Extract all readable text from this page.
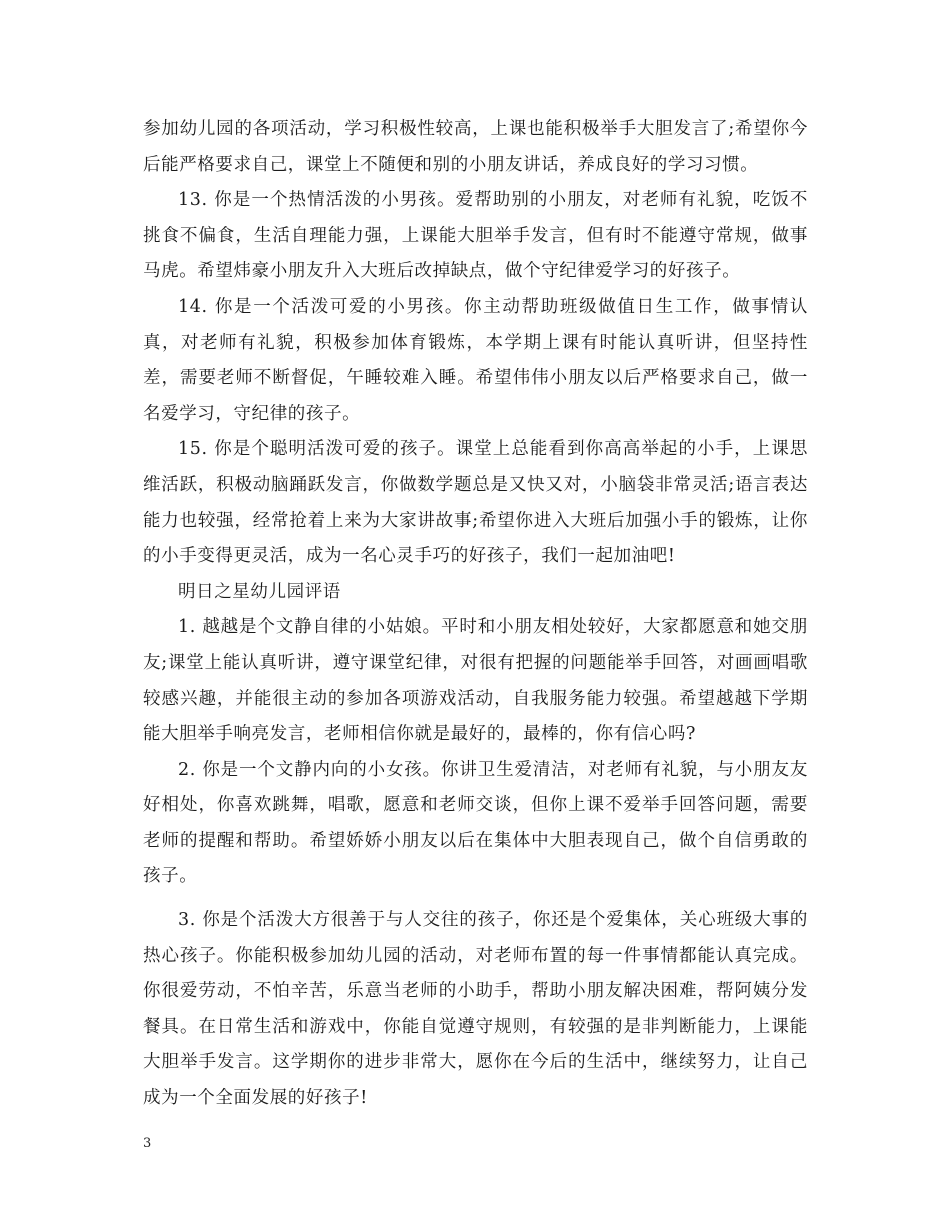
参加幼儿园的各项活动，学习积极性较高，上课也能积极举手大胆发言了;希望你今后能严格要求自己，课堂上不随便和别的小朋友讲话，养成良好的学习习惯。

13. 你是一个热情活泼的小男孩。爱帮助别的小朋友，对老师有礼貌，吃饭不挑食不偏食，生活自理能力强，上课能大胆举手发言，但有时不能遵守常规，做事马虎。希望炜豪小朋友升入大班后改掉缺点，做个守纪律爱学习的好孩子。

14. 你是一个活泼可爱的小男孩。你主动帮助班级做值日生工作，做事情认真，对老师有礼貌，积极参加体育锻炼，本学期上课有时能认真听讲，但坚持性差，需要老师不断督促，午睡较难入睡。希望伟伟小朋友以后严格要求自己，做一名爱学习，守纪律的孩子。

15. 你是个聪明活泼可爱的孩子。课堂上总能看到你高高举起的小手，上课思维活跃，积极动脑踊跃发言，你做数学题总是又快又对，小脑袋非常灵活;语言表达能力也较强，经常抢着上来为大家讲故事;希望你进入大班后加强小手的锻炼，让你的小手变得更灵活，成为一名心灵手巧的好孩子，我们一起加油吧!

明日之星幼儿园评语

1. 越越是个文静自律的小姑娘。平时和小朋友相处较好，大家都愿意和她交朋友;课堂上能认真听讲，遵守课堂纪律，对很有把握的问题能举手回答，对画画唱歌较感兴趣，并能很主动的参加各项游戏活动，自我服务能力较强。希望越越下学期能大胆举手响亮发言，老师相信你就是最好的，最棒的，你有信心吗?

2. 你是一个文静内向的小女孩。你讲卫生爱清洁，对老师有礼貌，与小朋友友好相处，你喜欢跳舞，唱歌，愿意和老师交谈，但你上课不爱举手回答问题，需要老师的提醒和帮助。希望娇娇小朋友以后在集体中大胆表现自己，做个自信勇敢的孩子。

3. 你是个活泼大方很善于与人交往的孩子，你还是个爱集体，关心班级大事的热心孩子。你能积极参加幼儿园的活动，对老师布置的每一件事情都能认真完成。你很爱劳动，不怕辛苦，乐意当老师的小助手，帮助小朋友解决困难，帮阿姨分发餐具。在日常生活和游戏中，你能自觉遵守规则，有较强的是非判断能力，上课能大胆举手发言。这学期你的进步非常大，愿你在今后的生活中，继续努力，让自己成为一个全面发展的好孩子!

3
